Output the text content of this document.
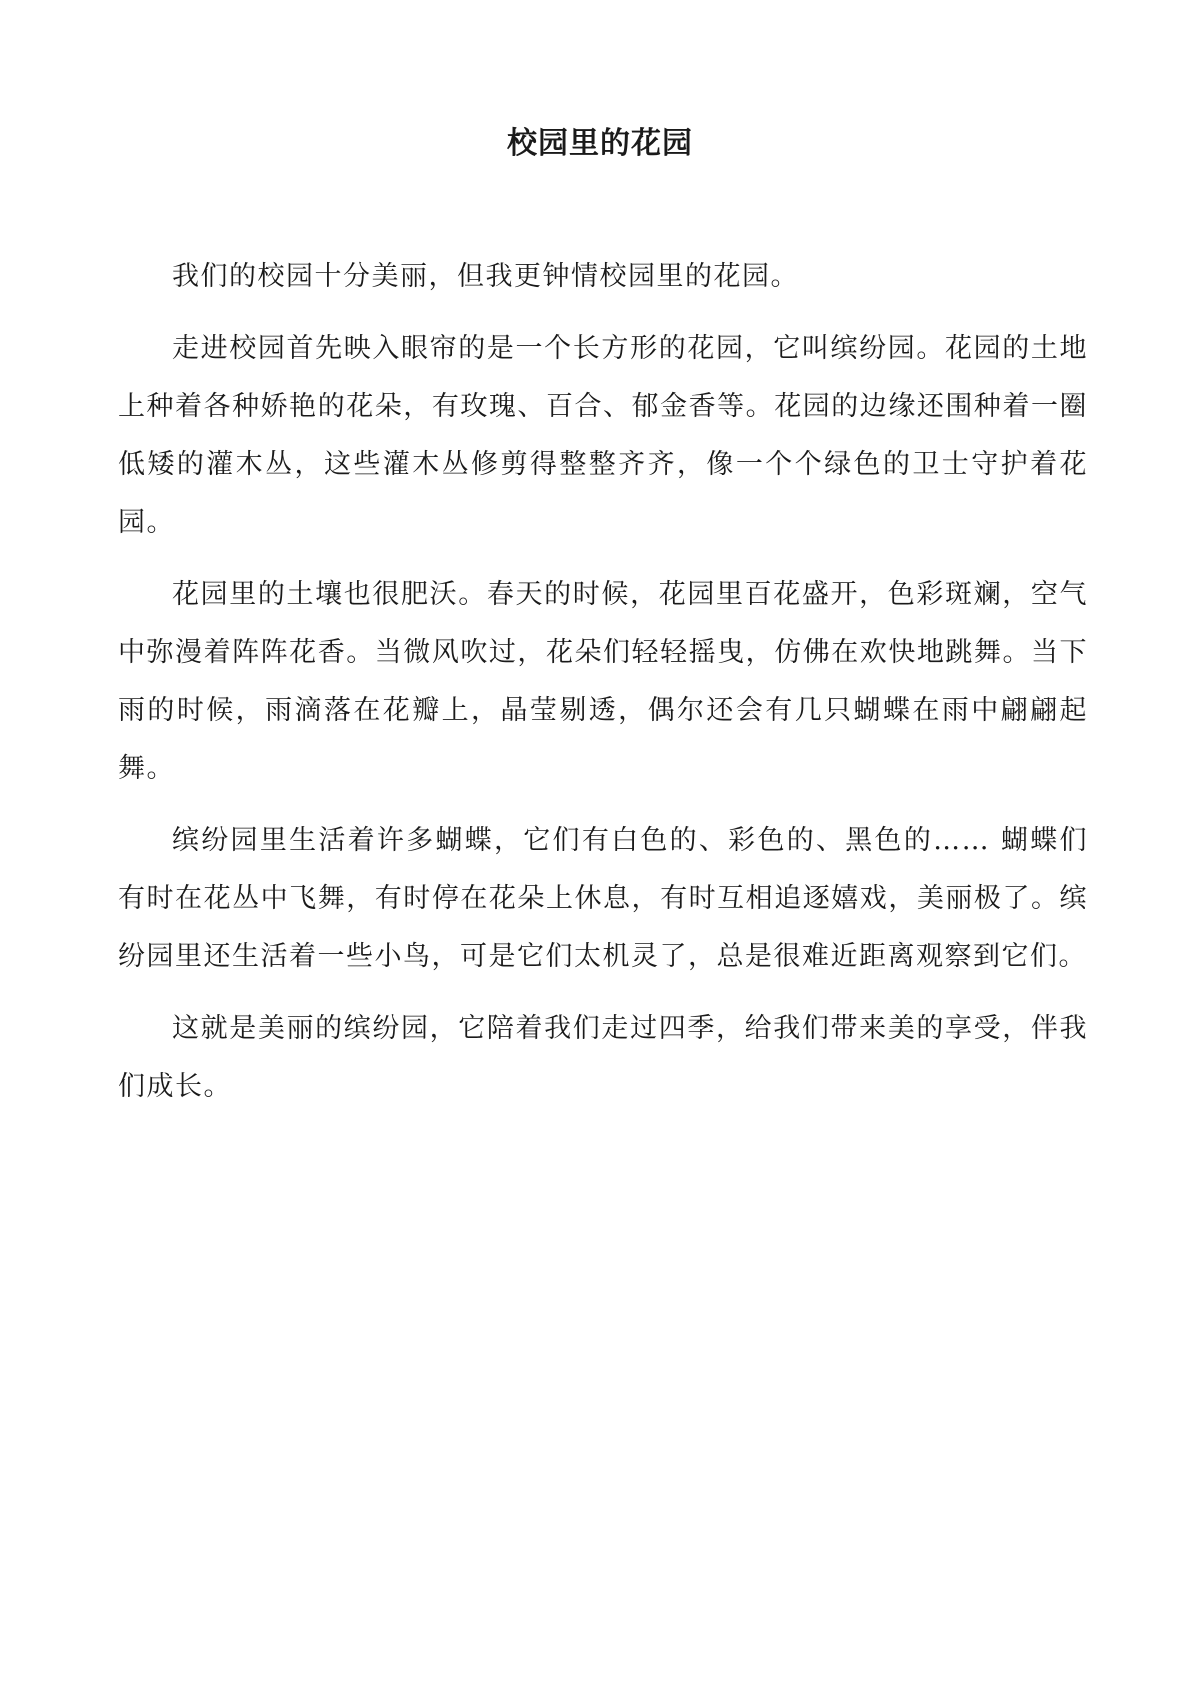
校园里的花园

我们的校园十分美丽，但我更钟情校园里的花园。

走进校园首先映入眼帘的是一个长方形的花园，它叫缤纷园。花园的土地上种着各种娇艳的花朵，有玫瑰、百合、郁金香等。花园的边缘还围种着一圈低矮的灌木丛，这些灌木丛修剪得整整齐齐，像一个个绿色的卫士守护着花园。

花园里的土壤也很肥沃。春天的时候，花园里百花盛开，色彩斑斓，空气中弥漫着阵阵花香。当微风吹过，花朵们轻轻摇曳，仿佛在欢快地跳舞。当下雨的时候，雨滴落在花瓣上，晶莹剔透，偶尔还会有几只蝴蝶在雨中翩翩起舞。

缤纷园里生活着许多蝴蝶，它们有白色的、彩色的、黑色的…… 蝴蝶们有时在花丛中飞舞，有时停在花朵上休息，有时互相追逐嬉戏，美丽极了。缤纷园里还生活着一些小鸟，可是它们太机灵了，总是很难近距离观察到它们。

这就是美丽的缤纷园，它陪着我们走过四季，给我们带来美的享受，伴我们成长。
